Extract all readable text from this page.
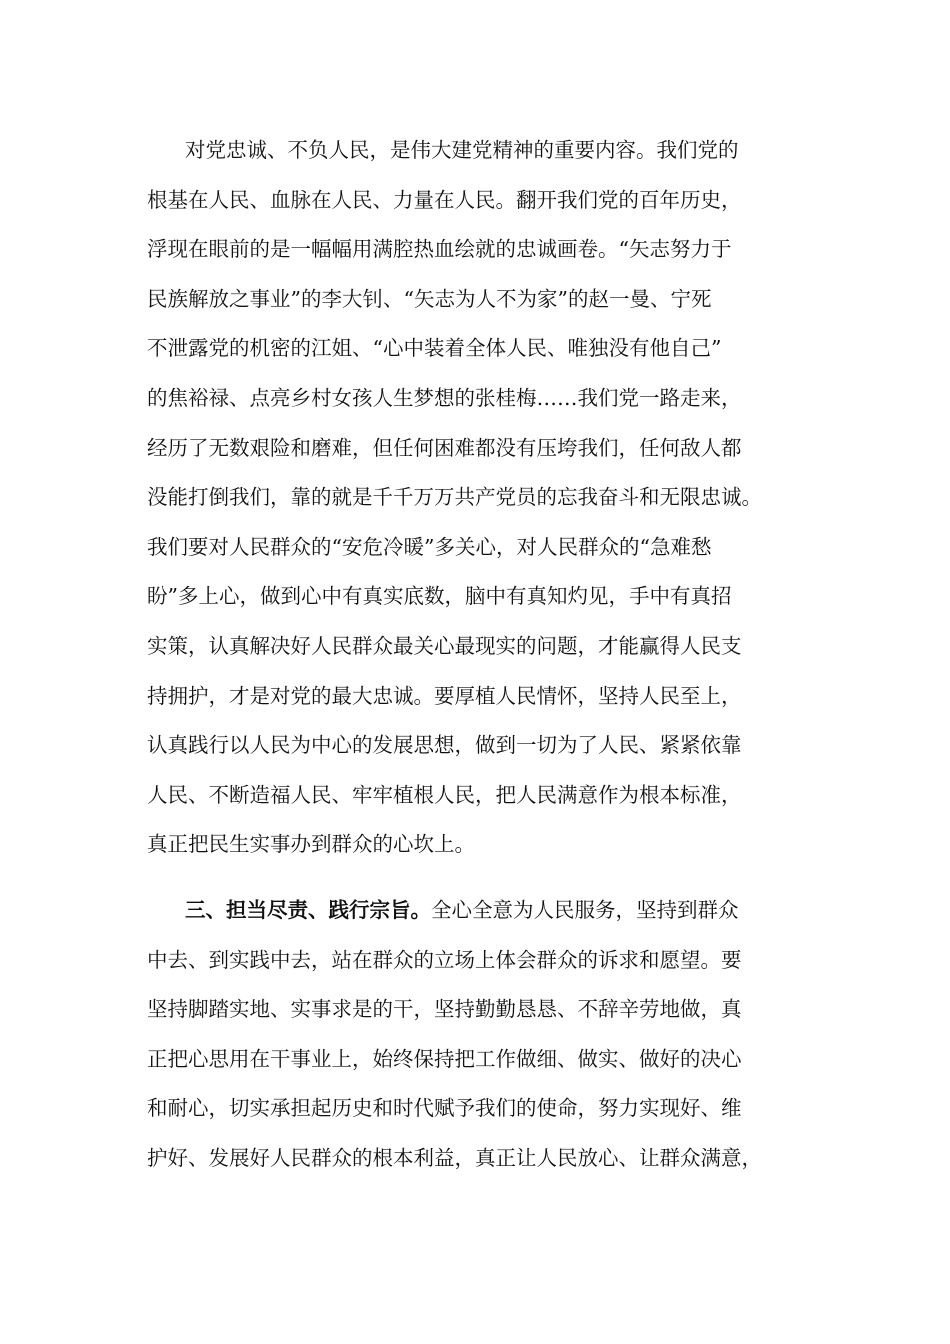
对党忠诚、不负人民，是伟大建党精神的重要内容。我们党的
根基在人民、血脉在人民、力量在人民。翻开我们党的百年历史，
浮现在眼前的是一幅幅用满腔热血绘就的忠诚画卷。“矢志努力于
民族解放之事业”的李大钊、“矢志为人不为家”的赵一曼、宁死
不泄露党的机密的江姐、“心中装着全体人民、唯独没有他自己”
的焦裕禄、点亮乡村女孩人生梦想的张桂梅……我们党一路走来，
经历了无数艰险和磨难，但任何困难都没有压垮我们，任何敌人都
没能打倒我们，靠的就是千千万万共产党员的忘我奋斗和无限忠诚。
我们要对人民群众的“安危冷暖”多关心，对人民群众的“急难愁
盼”多上心，做到心中有真实底数，脑中有真知灼见，手中有真招
实策，认真解决好人民群众最关心最现实的问题，才能赢得人民支
持拥护，才是对党的最大忠诚。要厚植人民情怀，坚持人民至上，
认真践行以人民为中心的发展思想，做到一切为了人民、紧紧依靠
人民、不断造福人民、牢牢植根人民，把人民满意作为根本标准，
真正把民生实事办到群众的心坎上。
三、担当尽责、践行宗旨。全心全意为人民服务，坚持到群众
中去、到实践中去，站在群众的立场上体会群众的诉求和愿望。要
坚持脚踏实地、实事求是的干，坚持勤勤恳恳、不辞辛劳地做，真
正把心思用在干事业上，始终保持把工作做细、做实、做好的决心
和耐心，切实承担起历史和时代赋予我们的使命，努力实现好、维
护好、发展好人民群众的根本利益，真正让人民放心、让群众满意，
